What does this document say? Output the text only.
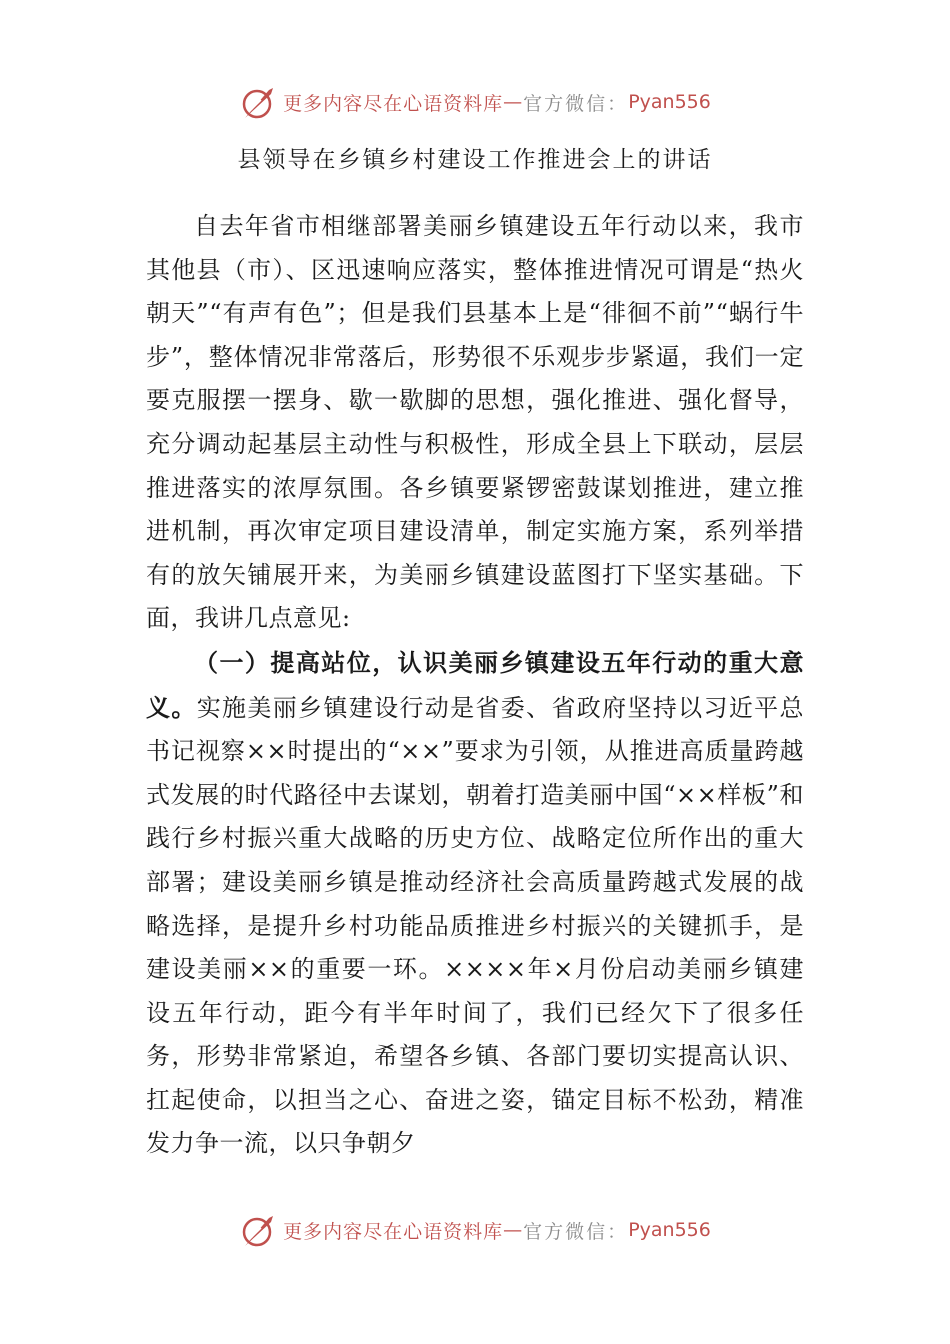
更多内容尽在心语资料库 — 官方微信： Pyan556
县领导在乡镇乡村建设工作推进会上的讲话

自去年省市相继部署美丽乡镇建设五年行动以来，我市其他县（市）、区迅速响应落实，整体推进情况可谓是“热火朝天”“有声有色”；但是我们县基本上是“徘徊不前”“蜗行牛步”，整体情况非常落后，形势很不乐观步步紧逼，我们一定要克服摆一摆身、歇一歇脚的思想，强化推进、强化督导，充分调动起基层主动性与积极性，形成全县上下联动，层层推进落实的浓厚氛围。各乡镇要紧锣密鼓谋划推进，建立推进机制，再次审定项目建设清单，制定实施方案，系列举措有的放矢铺展开来，为美丽乡镇建设蓝图打下坚实基础。下面，我讲几点意见:

（一）提高站位，认识美丽乡镇建设五年行动的重大意义。实施美丽乡镇建设行动是省委、省政府坚持以习近平总书记视察××时提出的“××”要求为引领，从推进高质量跨越式发展的时代路径中去谋划，朝着打造美丽中国“××样板”和践行乡村振兴重大战略的历史方位、战略定位所作出的重大部署；建设美丽乡镇是推动经济社会高质量跨越式发展的战略选择，是提升乡村功能品质推进乡村振兴的关键抓手，是建设美丽××的重要一环。××××年×月份启动美丽乡镇建设五年行动，距今有半年时间了，我们已经欠下了很多任务，形势非常紧迫，希望各乡镇、各部门要切实提高认识、扛起使命，以担当之心、奋进之姿，锚定目标不松劲，精准发力争一流，以只争朝夕

更多内容尽在心语资料库 — 官方微信： Pyan556
